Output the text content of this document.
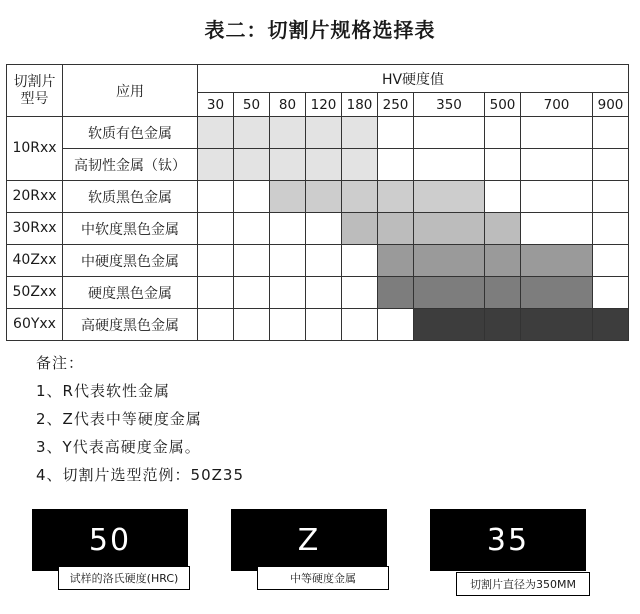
表二：切割片规格选择表
切割片
型号	应用	HV硬度值									
		30	50	80	120	180	250	350	500	700	900
10Rxx	软质有色金属										
	高韧性金属（钛）										
20Rxx	软质黑色金属										
30Rxx	中软度黑色金属										
40Zxx	中硬度黑色金属										
50Zxx	硬度黑色金属										
60Yxx	高硬度黑色金属										
备注：
1、R代表软性金属
2、Z代表中等硬度金属
3、Y代表高硬度金属。
4、切割片选型范例：50Z35
50
试样的洛氏硬度(HRC)
Z
中等硬度金属
35
切割片直径为350MM
